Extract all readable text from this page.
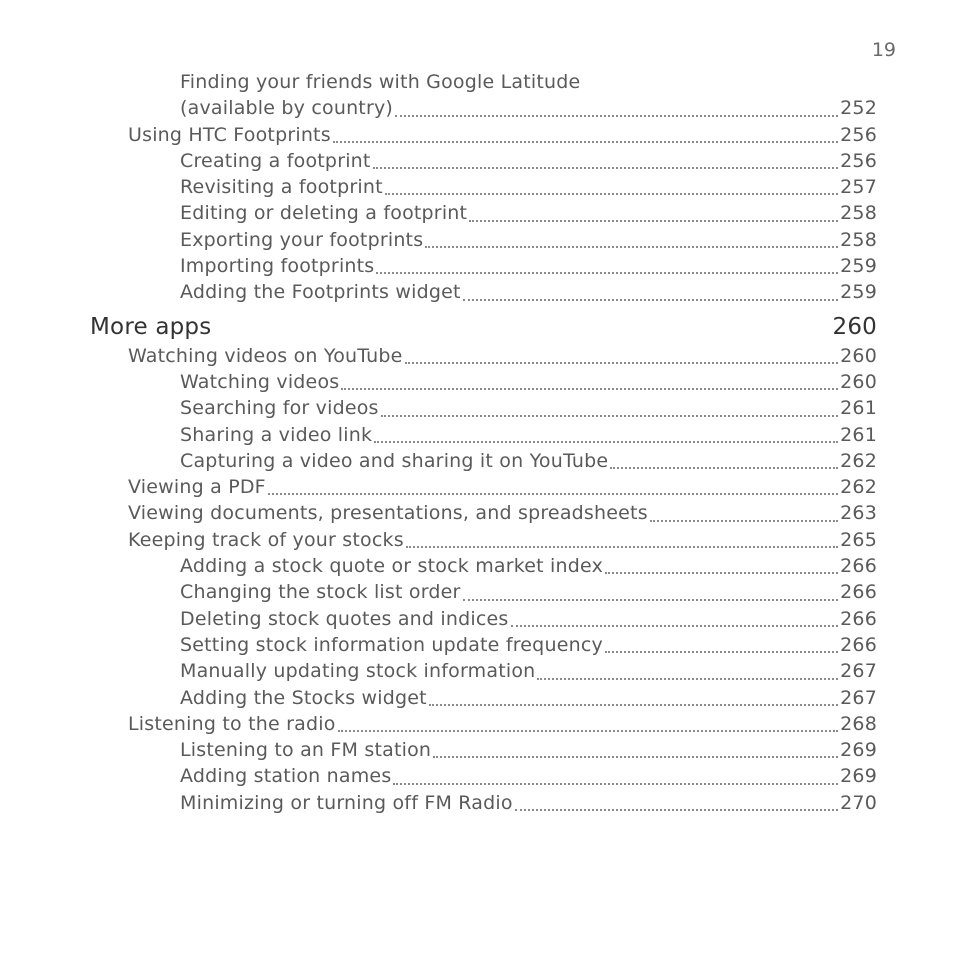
19
Finding your friends with Google Latitude
(available by country)	252
Using HTC Footprints	256
Creating a footprint	256
Revisiting a footprint	257
Editing or deleting a footprint	258
Exporting your footprints	258
Importing footprints	259
Adding the Footprints widget	259
More apps	260
Watching videos on YouTube	260
Watching videos	260
Searching for videos	261
Sharing a video link	261
Capturing a video and sharing it on YouTube	262
Viewing a PDF	262
Viewing documents, presentations, and spreadsheets	263
Keeping track of your stocks	265
Adding a stock quote or stock market index	266
Changing the stock list order	266
Deleting stock quotes and indices	266
Setting stock information update frequency	266
Manually updating stock information	267
Adding the Stocks widget	267
Listening to the radio	268
Listening to an FM station	269
Adding station names	269
Minimizing or turning off FM Radio	270
